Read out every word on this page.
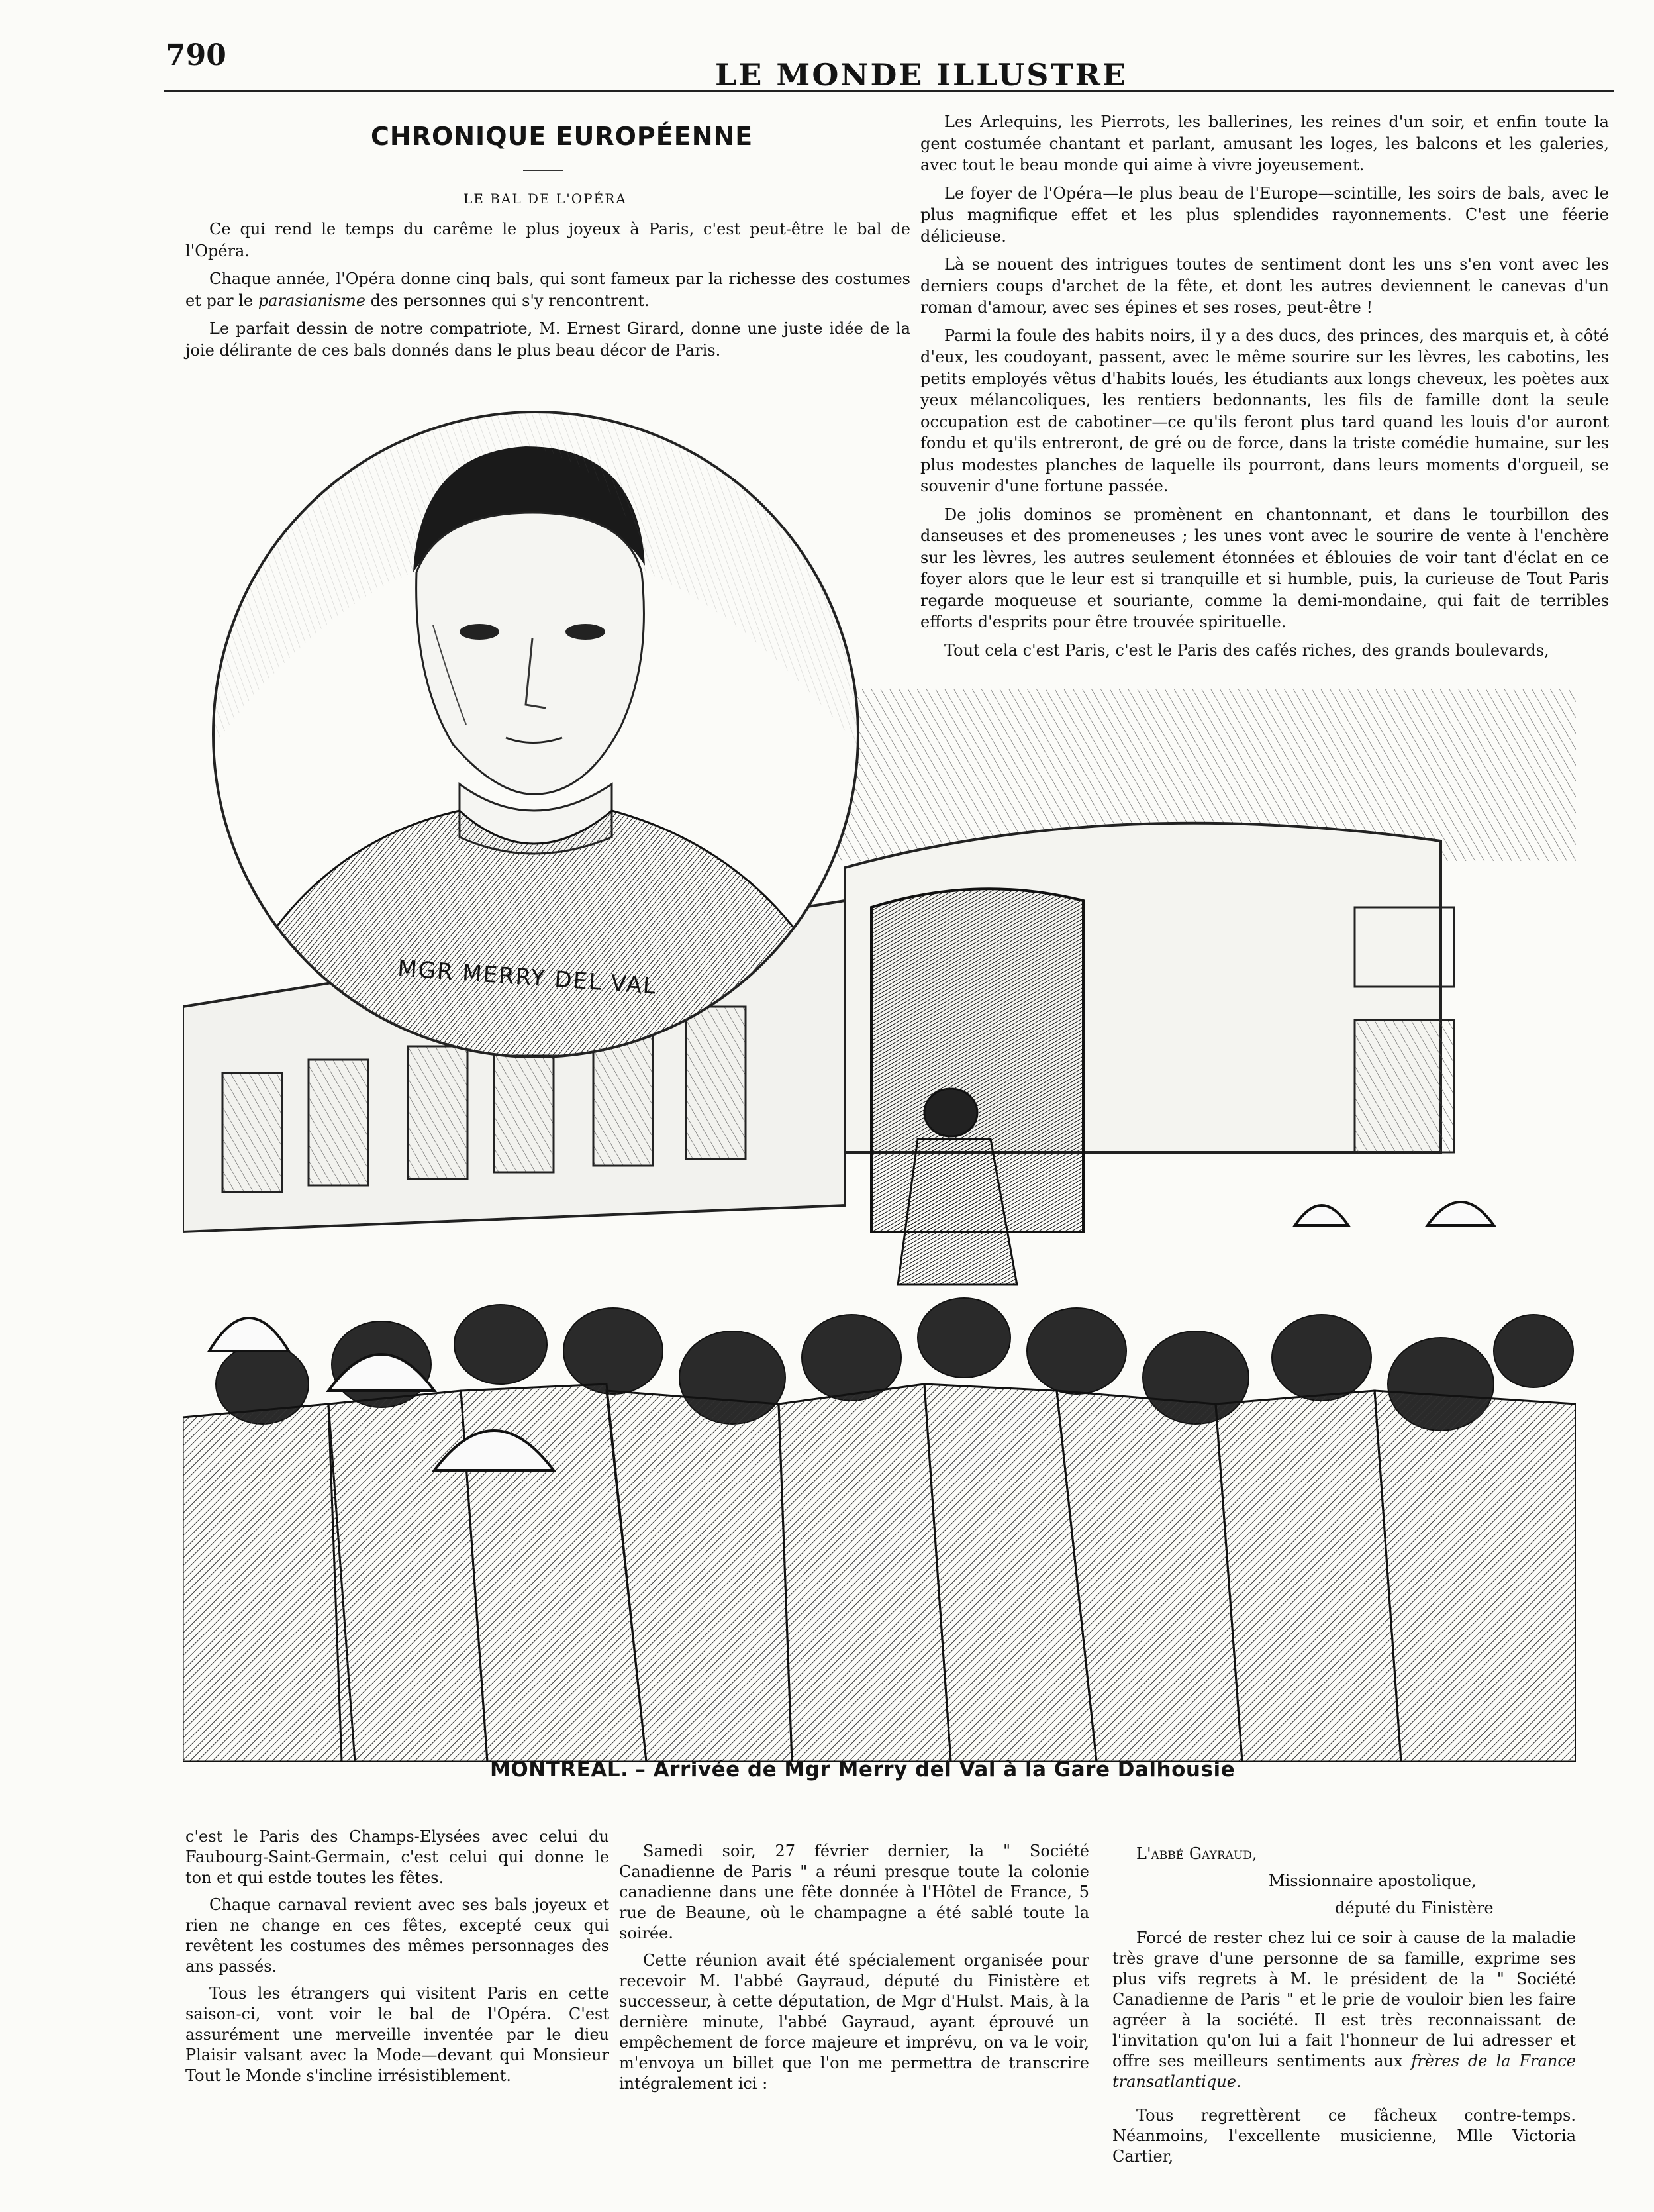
790
LE MONDE ILLUSTRE
CHRONIQUE EUROPÉENNE
LE BAL DE L'OPÉRA

Ce qui rend le temps du carême le plus joyeux à Paris, c'est peut-être le bal de l'Opéra.

Chaque année, l'Opéra donne cinq bals, qui sont fameux par la richesse des costumes et par le parasianisme des personnes qui s'y rencontrent.

Le parfait dessin de notre compatriote, M. Ernest Girard, donne une juste idée de la joie délirante de ces bals donnés dans le plus beau décor de Paris.

Les Arlequins, les Pierrots, les ballerines, les reines d'un soir, et enfin toute la gent costumée chantant et parlant, amusant les loges, les balcons et les galeries, avec tout le beau monde qui aime à vivre joyeusement.

Le foyer de l'Opéra—le plus beau de l'Europe—scintille, les soirs de bals, avec le plus magnifique effet et les plus splendides rayonnements. C'est une féerie délicieuse.

Là se nouent des intrigues toutes de sentiment dont les uns s'en vont avec les derniers coups d'archet de la fête, et dont les autres deviennent le canevas d'un roman d'amour, avec ses épines et ses roses, peut-être !

Parmi la foule des habits noirs, il y a des ducs, des princes, des marquis et, à côté d'eux, les coudoyant, passent, avec le même sourire sur les lèvres, les cabotins, les petits employés vêtus d'habits loués, les étudiants aux longs cheveux, les poètes aux yeux mélancoliques, les rentiers bedonnants, les fils de famille dont la seule occupation est de cabotiner—ce qu'ils feront plus tard quand les louis d'or auront fondu et qu'ils entreront, de gré ou de force, dans la triste comédie humaine, sur les plus modestes planches de laquelle ils pourront, dans leurs moments d'orgueil, se souvenir d'une fortune passée.

De jolis dominos se promènent en chantonnant, et dans le tourbillon des danseuses et des promeneuses ; les unes vont avec le sourire de vente à l'enchère sur les lèvres, les autres seulement étonnées et éblouies de voir tant d'éclat en ce foyer alors que le leur est si tranquille et si humble, puis, la curieuse de Tout Paris regarde moqueuse et souriante, comme la demi-mondaine, qui fait de terribles efforts d'esprits pour être trouvée spirituelle.

Tout cela c'est Paris, c'est le Paris des cafés riches, des grands boulevards,

MGR MERRY DEL VAL
MONTREAL. – Arrivée de Mgr Merry del Val à la Gare Dalhousie

c'est le Paris des Champs-Elysées avec celui du Faubourg-Saint-Germain, c'est celui qui donne le ton et qui estde toutes les fêtes.

Chaque carnaval revient avec ses bals joyeux et rien ne change en ces fêtes, excepté ceux qui revêtent les costumes des mêmes personnages des ans passés.

Tous les étrangers qui visitent Paris en cette saison-ci, vont voir le bal de l'Opéra. C'est assurément une merveille inventée par le dieu Plaisir valsant avec la Mode—devant qui Monsieur Tout le Monde s'incline irrésistiblement.

Samedi soir, 27 février dernier, la " Société Canadienne de Paris " a réuni presque toute la colonie canadienne dans une fête donnée à l'Hôtel de France, 5 rue de Beaune, où le champagne a été sablé toute la soirée.

Cette réunion avait été spécialement organisée pour recevoir M. l'abbé Gayraud, député du Finistère et successeur, à cette députation, de Mgr d'Hulst. Mais, à la dernière minute, l'abbé Gayraud, ayant éprouvé un empêchement de force majeure et imprévu, on va le voir, m'envoya un billet que l'on me permettra de transcrire intégralement ici :

L'abbé Gayraud,

Missionnaire apostolique,

député du Finistère

Forcé de rester chez lui ce soir à cause de la maladie très grave d'une personne de sa famille, exprime ses plus vifs regrets à M. le président de la " Société Canadienne de Paris " et le prie de vouloir bien les faire agréer à la société. Il est très reconnaissant de l'invitation qu'on lui a fait l'honneur de lui adresser et offre ses meilleurs sentiments aux frères de la France transatlantique.

Tous regrettèrent ce fâcheux contre-temps. Néanmoins, l'excellente musicienne, Mlle Victoria Cartier,
